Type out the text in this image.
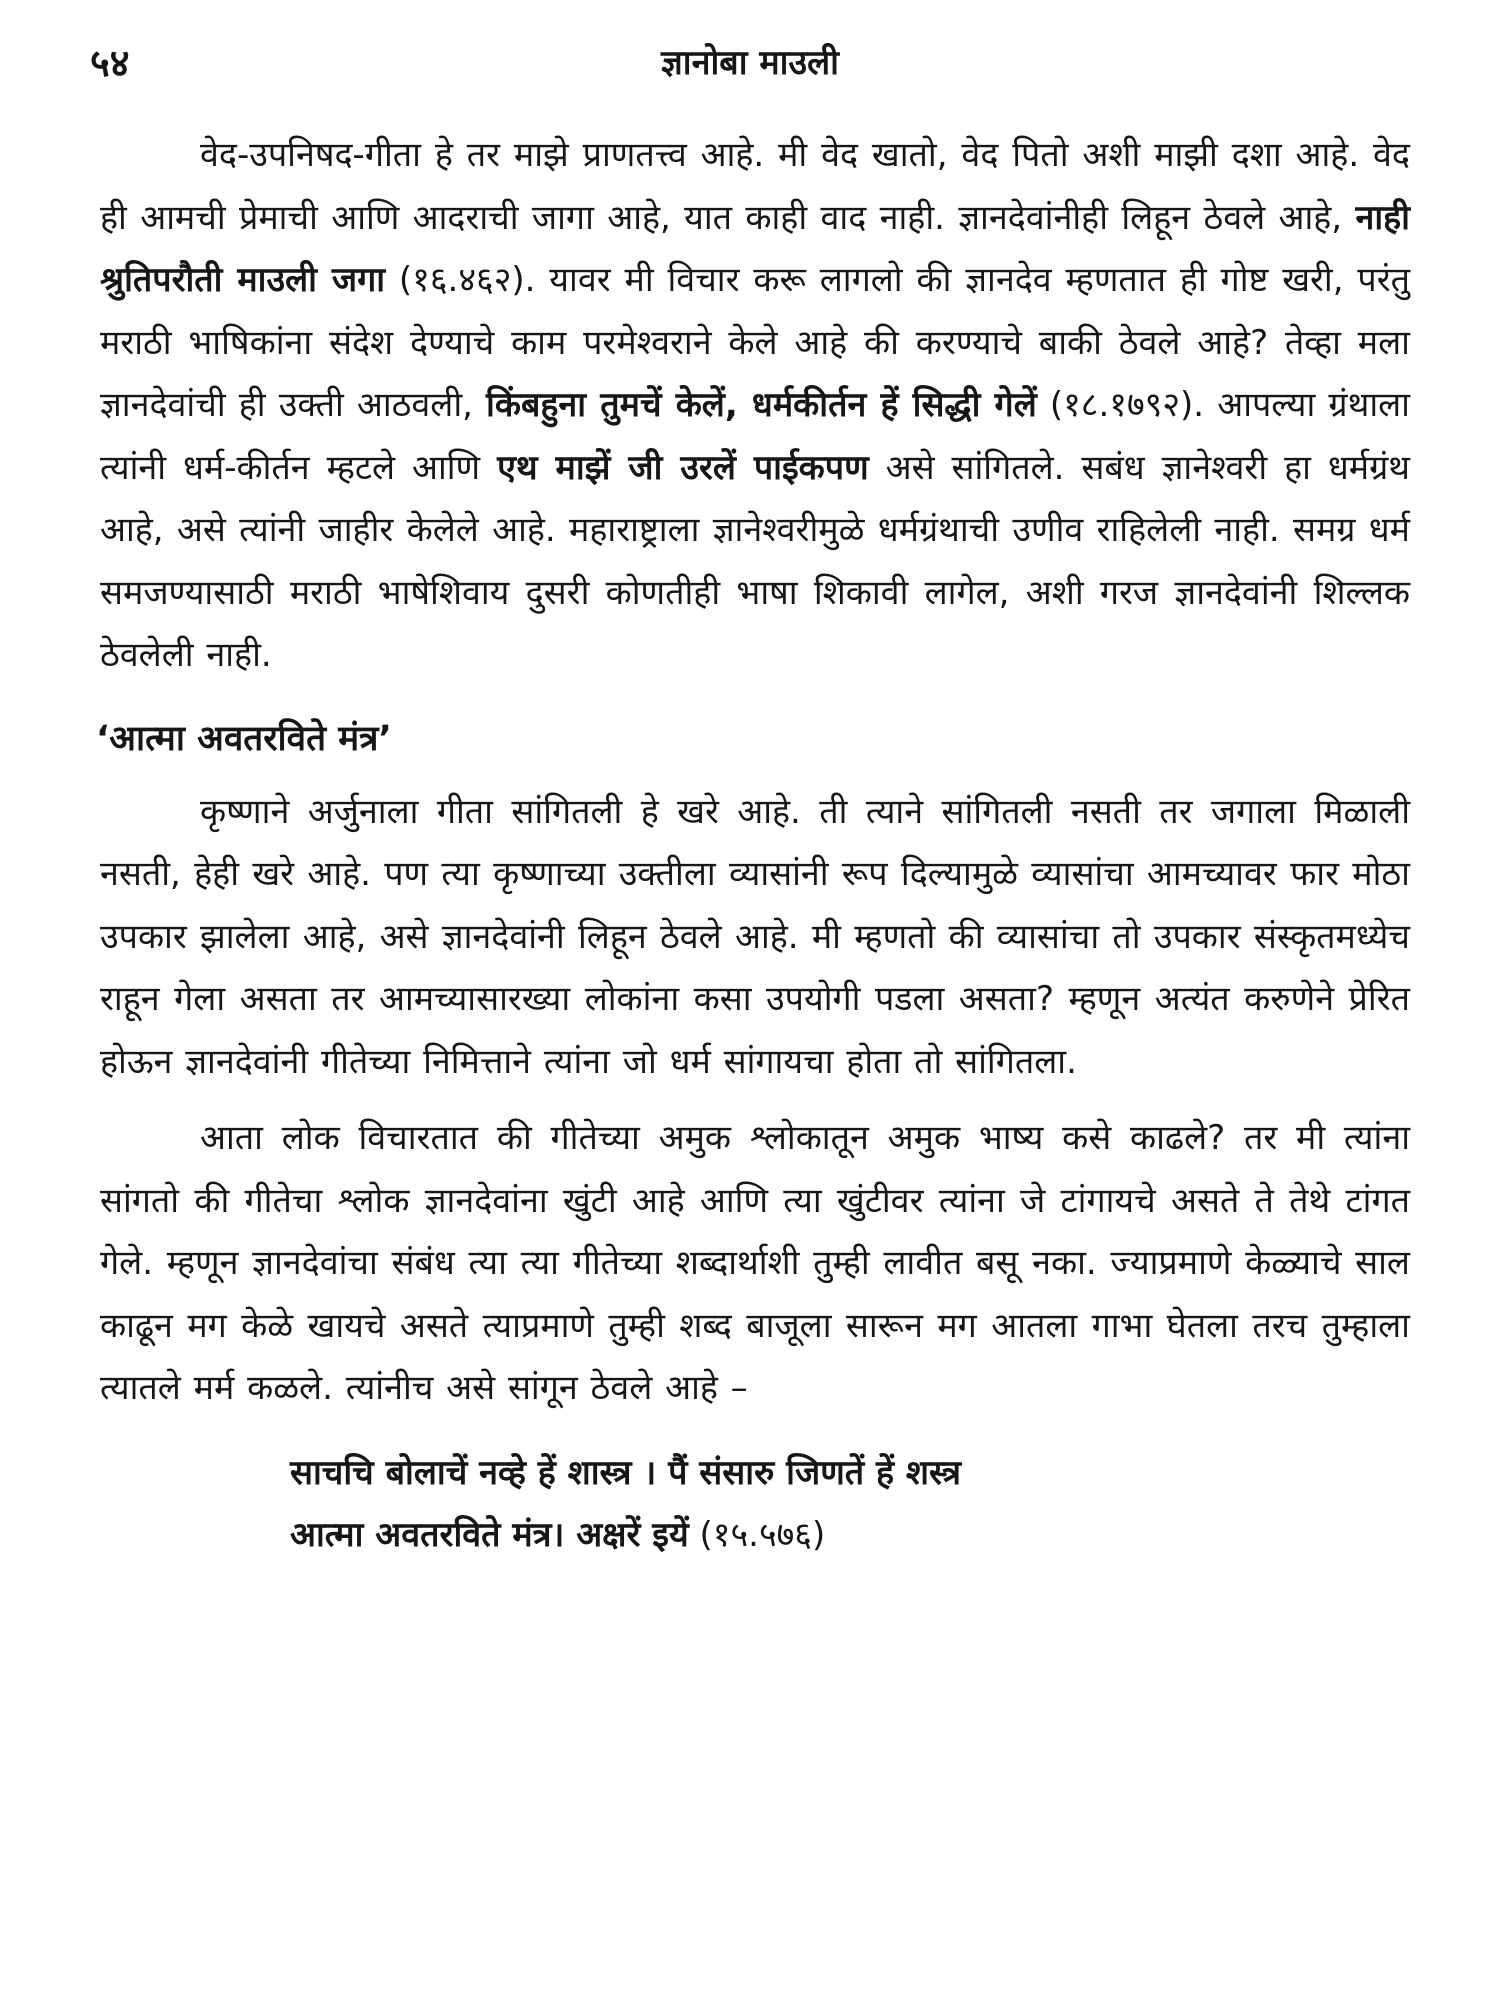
५४	ज्ञानोबा माउली

वेद-उपनिषद-गीता हे तर माझे प्राणतत्त्व आहे. मी वेद खातो, वेद पितो अशी माझी दशा आहे. वेद ही आमची प्रेमाची आणि आदराची जागा आहे, यात काही वाद नाही. ज्ञानदेवांनीही लिहून ठेवले आहे, नाही श्रुतिपरौती माउली जगा (१६.४६२). यावर मी विचार करू लागलो की ज्ञानदेव म्हणतात ही गोष्ट खरी, परंतु मराठी भाषिकांना संदेश देण्याचे काम परमेश्वराने केले आहे की करण्याचे बाकी ठेवले आहे? तेव्हा मला ज्ञानदेवांची ही उक्ती आठवली, किंबहुना तुमचें केलें, धर्मकीर्तन हें सिद्धी गेलें (१८.१७९२). आपल्या ग्रंथाला त्यांनी धर्म-कीर्तन म्हटले आणि एथ माझें जी उरलें पाईकपण असे सांगितले. सबंध ज्ञानेश्वरी हा धर्मग्रंथ आहे, असे त्यांनी जाहीर केलेले आहे. महाराष्ट्राला ज्ञानेश्वरीमुळे धर्मग्रंथाची उणीव राहिलेली नाही. समग्र धर्म समजण्यासाठी मराठी भाषेशिवाय दुसरी कोणतीही भाषा शिकावी लागेल, अशी गरज ज्ञानदेवांनी शिल्लक ठेवलेली नाही.

‘आत्मा अवतरविते मंत्र’

कृष्णाने अर्जुनाला गीता सांगितली हे खरे आहे. ती त्याने सांगितली नसती तर जगाला मिळाली नसती, हेही खरे आहे. पण त्या कृष्णाच्या उक्तीला व्यासांनी रूप दिल्यामुळे व्यासांचा आमच्यावर फार मोठा उपकार झालेला आहे, असे ज्ञानदेवांनी लिहून ठेवले आहे. मी म्हणतो की व्यासांचा तो उपकार संस्कृतमध्येच राहून गेला असता तर आमच्यासारख्या लोकांना कसा उपयोगी पडला असता? म्हणून अत्यंत करुणेने प्रेरित होऊन ज्ञानदेवांनी गीतेच्या निमित्ताने त्यांना जो धर्म सांगायचा होता तो सांगितला.

आता लोक विचारतात की गीतेच्या अमुक श्लोकातून अमुक भाष्य कसे काढले? तर मी त्यांना सांगतो की गीतेचा श्लोक ज्ञानदेवांना खुंटी आहे आणि त्या खुंटीवर त्यांना जे टांगायचे असते ते तेथे टांगत गेले. म्हणून ज्ञानदेवांचा संबंध त्या त्या गीतेच्या शब्दार्थाशी तुम्ही लावीत बसू नका. ज्याप्रमाणे केळ्याचे साल काढून मग केळे खायचे असते त्याप्रमाणे तुम्ही शब्द बाजूला सारून मग आतला गाभा घेतला तरच तुम्हाला त्यातले मर्म कळले. त्यांनीच असे सांगून ठेवले आहे –

साचचि बोलाचें नव्हे हें शास्त्र । पैं संसारु जिणतें हें शस्त्र
आत्मा अवतरविते मंत्र। अक्षरें इयें (१५.५७६)
